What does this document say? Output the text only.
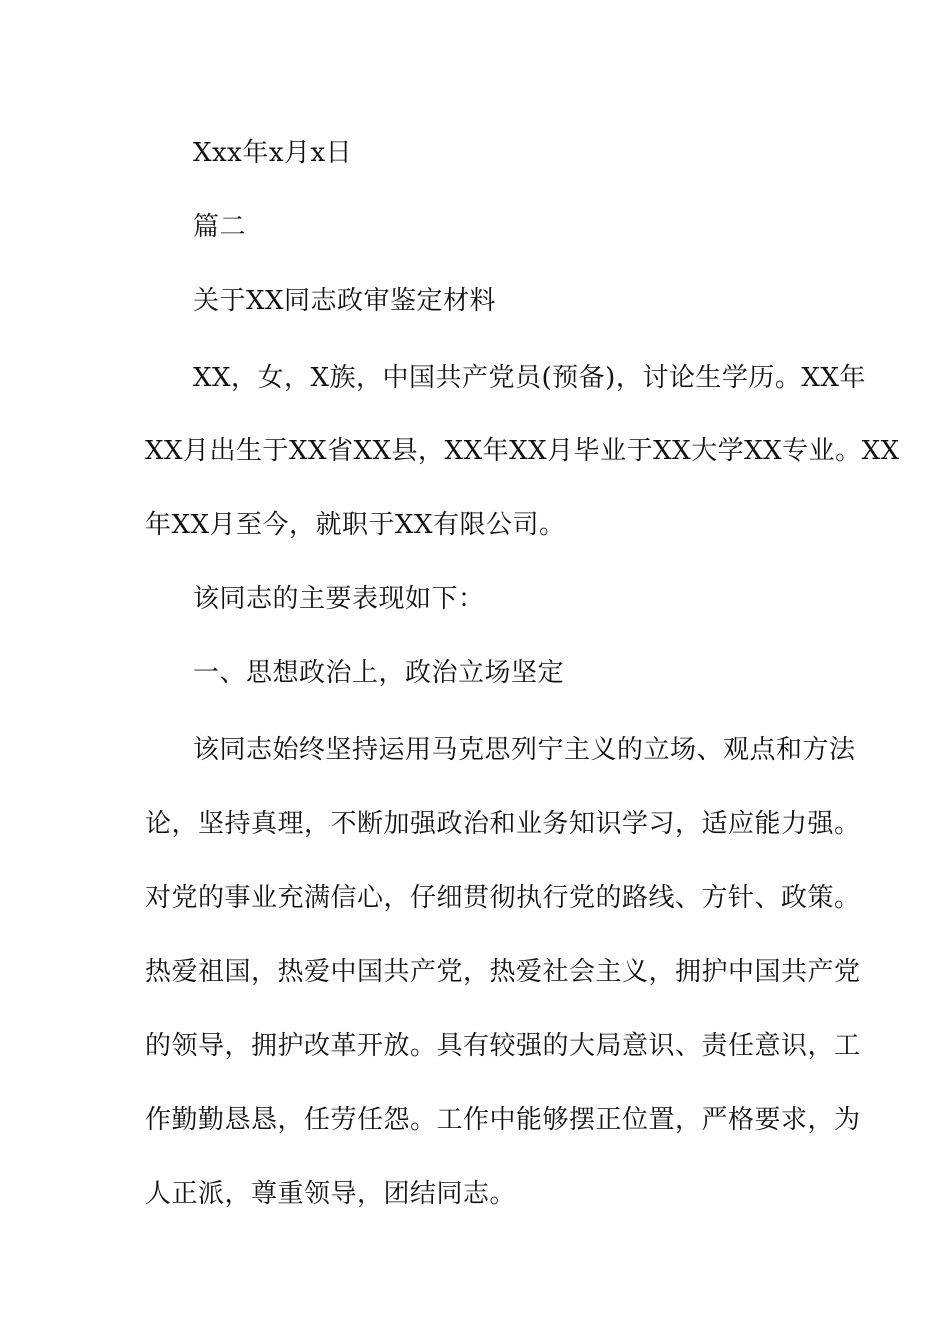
Xxx年x月x日
篇二
关于XX同志政审鉴定材料
XX，女，X族，中国共产党员(预备)，讨论生学历。XX年
XX月出生于XX省XX县，XX年XX月毕业于XX大学XX专业。XX
年XX月至今，就职于XX有限公司。
该同志的主要表现如下：
一、思想政治上，政治立场坚定
该同志始终坚持运用马克思列宁主义的立场、观点和方法
论，坚持真理，不断加强政治和业务知识学习，适应能力强。
对党的事业充满信心，仔细贯彻执行党的路线、方针、政策。
热爱祖国，热爱中国共产党，热爱社会主义，拥护中国共产党
的领导，拥护改革开放。具有较强的大局意识、责任意识，工
作勤勤恳恳，任劳任怨。工作中能够摆正位置，严格要求，为
人正派，尊重领导，团结同志。
